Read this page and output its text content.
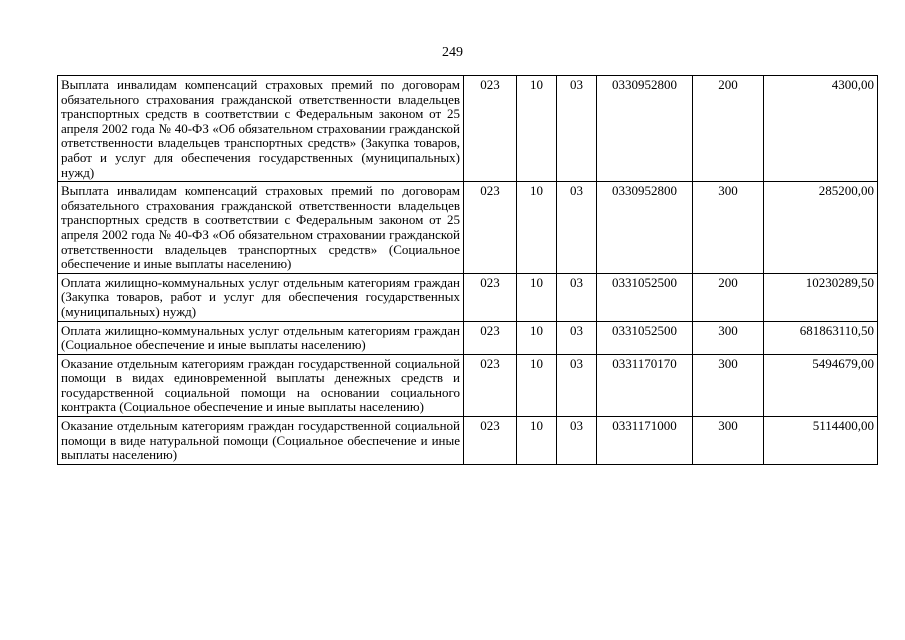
249
Выплата инвалидам компенсаций страховых премий по договорам обязательного страхования гражданской ответственности владельцев транспортных средств в соответствии с Федеральным законом от 25 апреля 2002 года № 40-ФЗ «Об обязательном страховании гражданской ответственности владельцев транспортных средств» (Закупка товаров, работ и услуг для обеспечения государственных (муниципальных) нужд)	023	10	03	0330952800	200	4300,00
Выплата инвалидам компенсаций страховых премий по договорам обязательного страхования гражданской ответственности владельцев транспортных средств в соответствии с Федеральным законом от 25 апреля 2002 года № 40-ФЗ «Об обязательном страховании гражданской ответственности владельцев транспортных средств» (Социальное обеспечение и иные выплаты населению)	023	10	03	0330952800	300	285200,00
Оплата жилищно-коммунальных услуг отдельным категориям граждан (Закупка товаров, работ и услуг для обеспечения государственных (муниципальных) нужд)	023	10	03	0331052500	200	10230289,50
Оплата жилищно-коммунальных услуг отдельным категориям граждан (Социальное обеспечение и иные выплаты населению)	023	10	03	0331052500	300	681863110,50
Оказание отдельным категориям граждан государственной социальной помощи в видах единовременной выплаты денежных средств и государственной социальной помощи на основании социального контракта (Социальное обеспечение и иные выплаты населению)	023	10	03	0331170170	300	5494679,00
Оказание отдельным категориям граждан государственной социальной помощи в виде натуральной помощи (Социальное обеспечение и иные выплаты населению)	023	10	03	0331171000	300	5114400,00
